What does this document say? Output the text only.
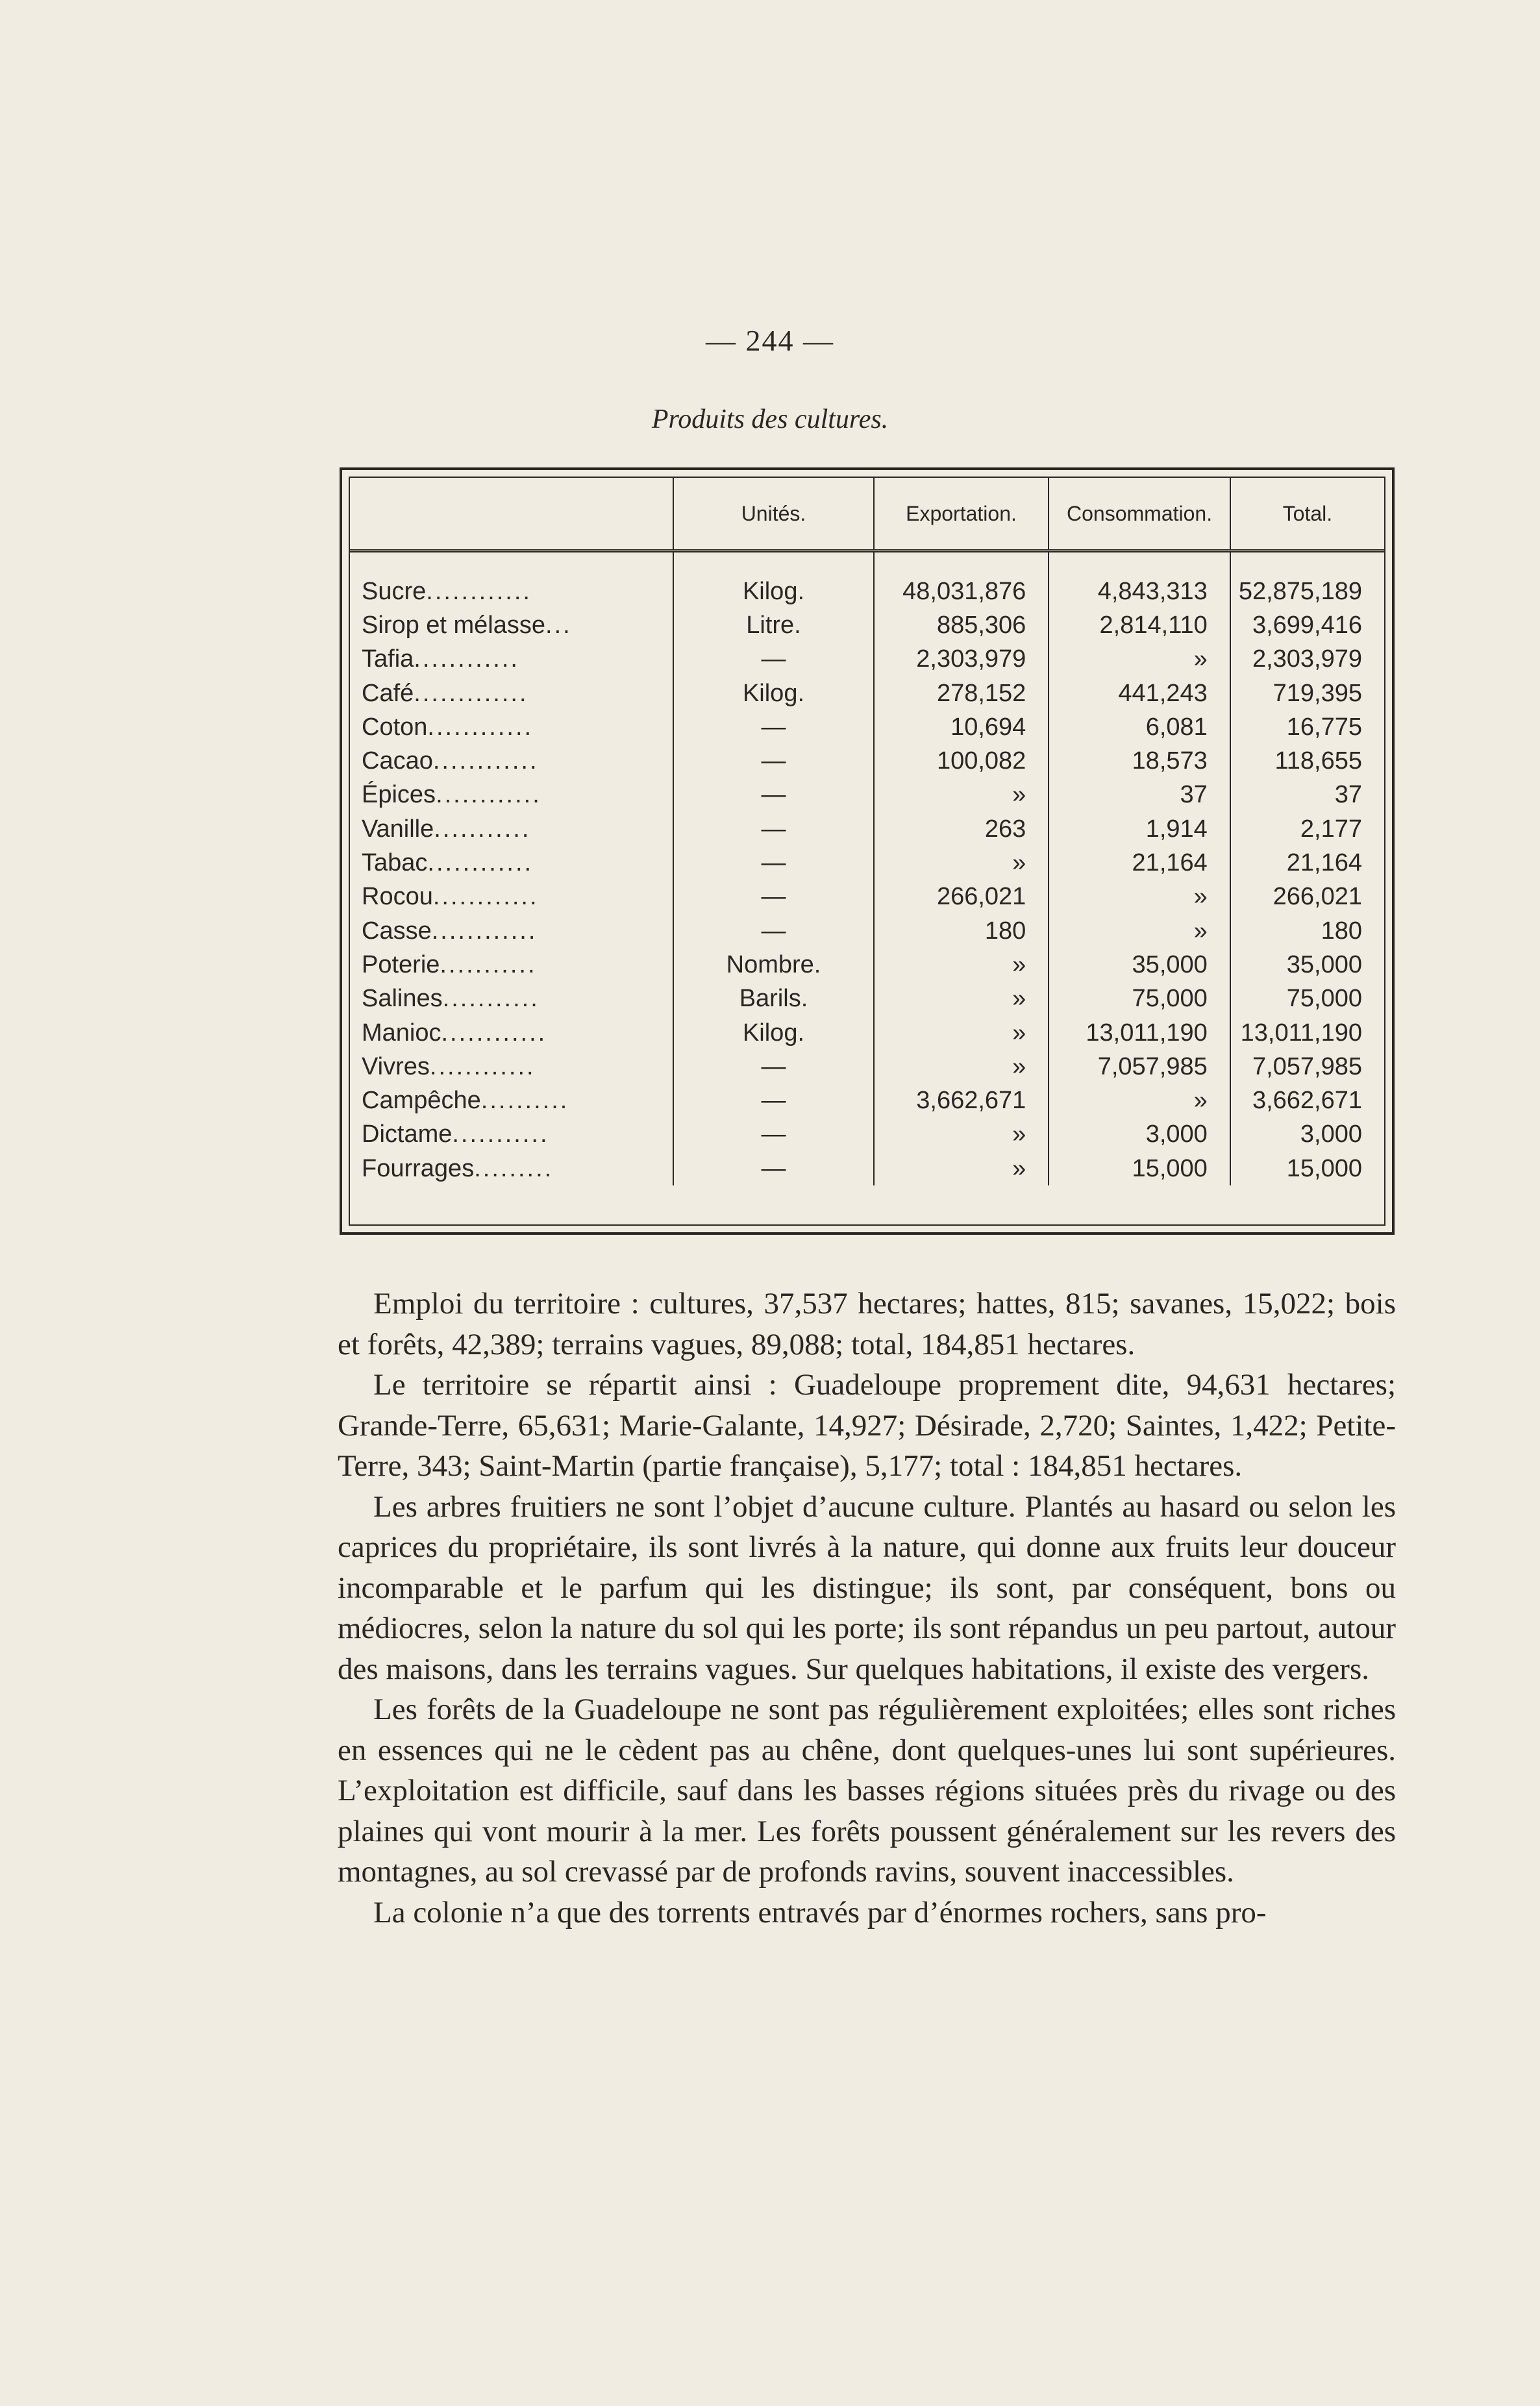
— 244 —
Produits des cultures.
	Unités.	Exportation.	Consommation.	Total.
Sucre............	Kilog.	48,031,876	4,843,313	52,875,189
Sirop et mélasse...	Litre.	885,306	2,814,110	3,699,416
Tafia............	—	2,303,979	»	2,303,979
Café.............	Kilog.	278,152	441,243	719,395
Coton............	—	10,694	6,081	16,775
Cacao............	—	100,082	18,573	118,655
Épices............	—	»	37	37
Vanille...........	—	263	1,914	2,177
Tabac............	—	»	21,164	21,164
Rocou............	—	266,021	»	266,021
Casse............	—	180	»	180
Poterie...........	Nombre.	»	35,000	35,000
Salines...........	Barils.	»	75,000	75,000
Manioc............	Kilog.	»	13,011,190	13,011,190
Vivres............	—	»	7,057,985	7,057,985
Campêche..........	—	3,662,671	»	3,662,671
Dictame...........	—	»	3,000	3,000
Fourrages.........	—	»	15,000	15,000

Emploi du territoire : cultures, 37,537 hectares; hattes, 815; savanes, 15,022; bois et forêts, 42,389; terrains vagues, 89,088; total, 184,851 hectares.

Le territoire se répartit ainsi : Guadeloupe proprement dite, 94,631 hectares; Grande-Terre, 65,631; Marie-Galante, 14,927; Désirade, 2,720; Saintes, 1,422; Petite-Terre, 343; Saint-Martin (partie française), 5,177; total : 184,851 hectares.

Les arbres fruitiers ne sont l’objet d’aucune culture. Plantés au hasard ou selon les caprices du propriétaire, ils sont livrés à la nature, qui donne aux fruits leur douceur incomparable et le parfum qui les distingue; ils sont, par conséquent, bons ou médiocres, selon la nature du sol qui les porte; ils sont répandus un peu partout, autour des maisons, dans les terrains vagues. Sur quelques habitations, il existe des vergers.

Les forêts de la Guadeloupe ne sont pas régulièrement exploitées; elles sont riches en essences qui ne le cèdent pas au chêne, dont quelques-unes lui sont supérieures. L’exploitation est difficile, sauf dans les basses régions situées près du rivage ou des plaines qui vont mourir à la mer. Les forêts poussent généralement sur les revers des montagnes, au sol crevassé par de profonds ravins, souvent inaccessibles.

La colonie n’a que des torrents entravés par d’énormes rochers, sans pro-
